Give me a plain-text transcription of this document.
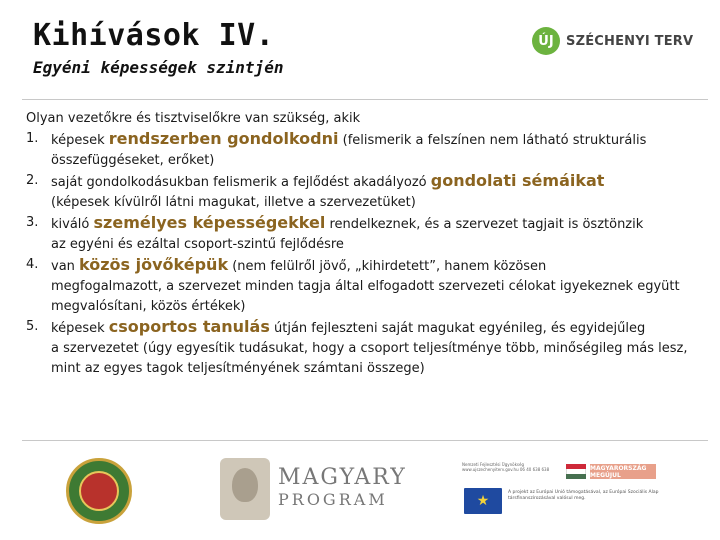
Kihívások IV.
Egyéni képességek szintjén
ÚJ SZÉCHENYI TERV
Olyan vezetőkre és tisztviselőkre van szükség, akik
1. képesek rendszerben gondolkodni (felismerik a felszínen nem látható strukturális
összefüggéseket, erőket)
2. saját gondolkodásukban felismerik a fejlődést akadályozó gondolati sémáikat
(képesek kívülről látni magukat, illetve a szervezetüket)
3. kiváló személyes képességekkel rendelkeznek, és a szervezet tagjait is ösztönzik
az egyéni és ezáltal csoport-szintű fejlődésre
4. van közös jövőképük (nem felülről jövő, „kihirdetett”, hanem közösen
megfogalmazott, a szervezet minden tagja által elfogadott szervezeti célokat igyekeznek együtt megvalósítani, közös értékek)
5. képesek csoportos tanulás útján fejleszteni saját magukat egyénileg, és egyidejűleg
a szervezetet (úgy egyesítik tudásukat, hogy a csoport teljesítménye több, minőségileg más lesz, mint az egyes tagok teljesítményének számtani összege)
MAGYARY
PROGRAM
Nemzeti Fejlesztési Ügynökség www.ujszechenyiterv.gov.hu 06 40 638 638	MAGYARORSZÁG MEGÚJUL
★
A projekt az Európai Unió támogatásával, az Európai Szociális Alap társfinanszírozásával valósul meg.
